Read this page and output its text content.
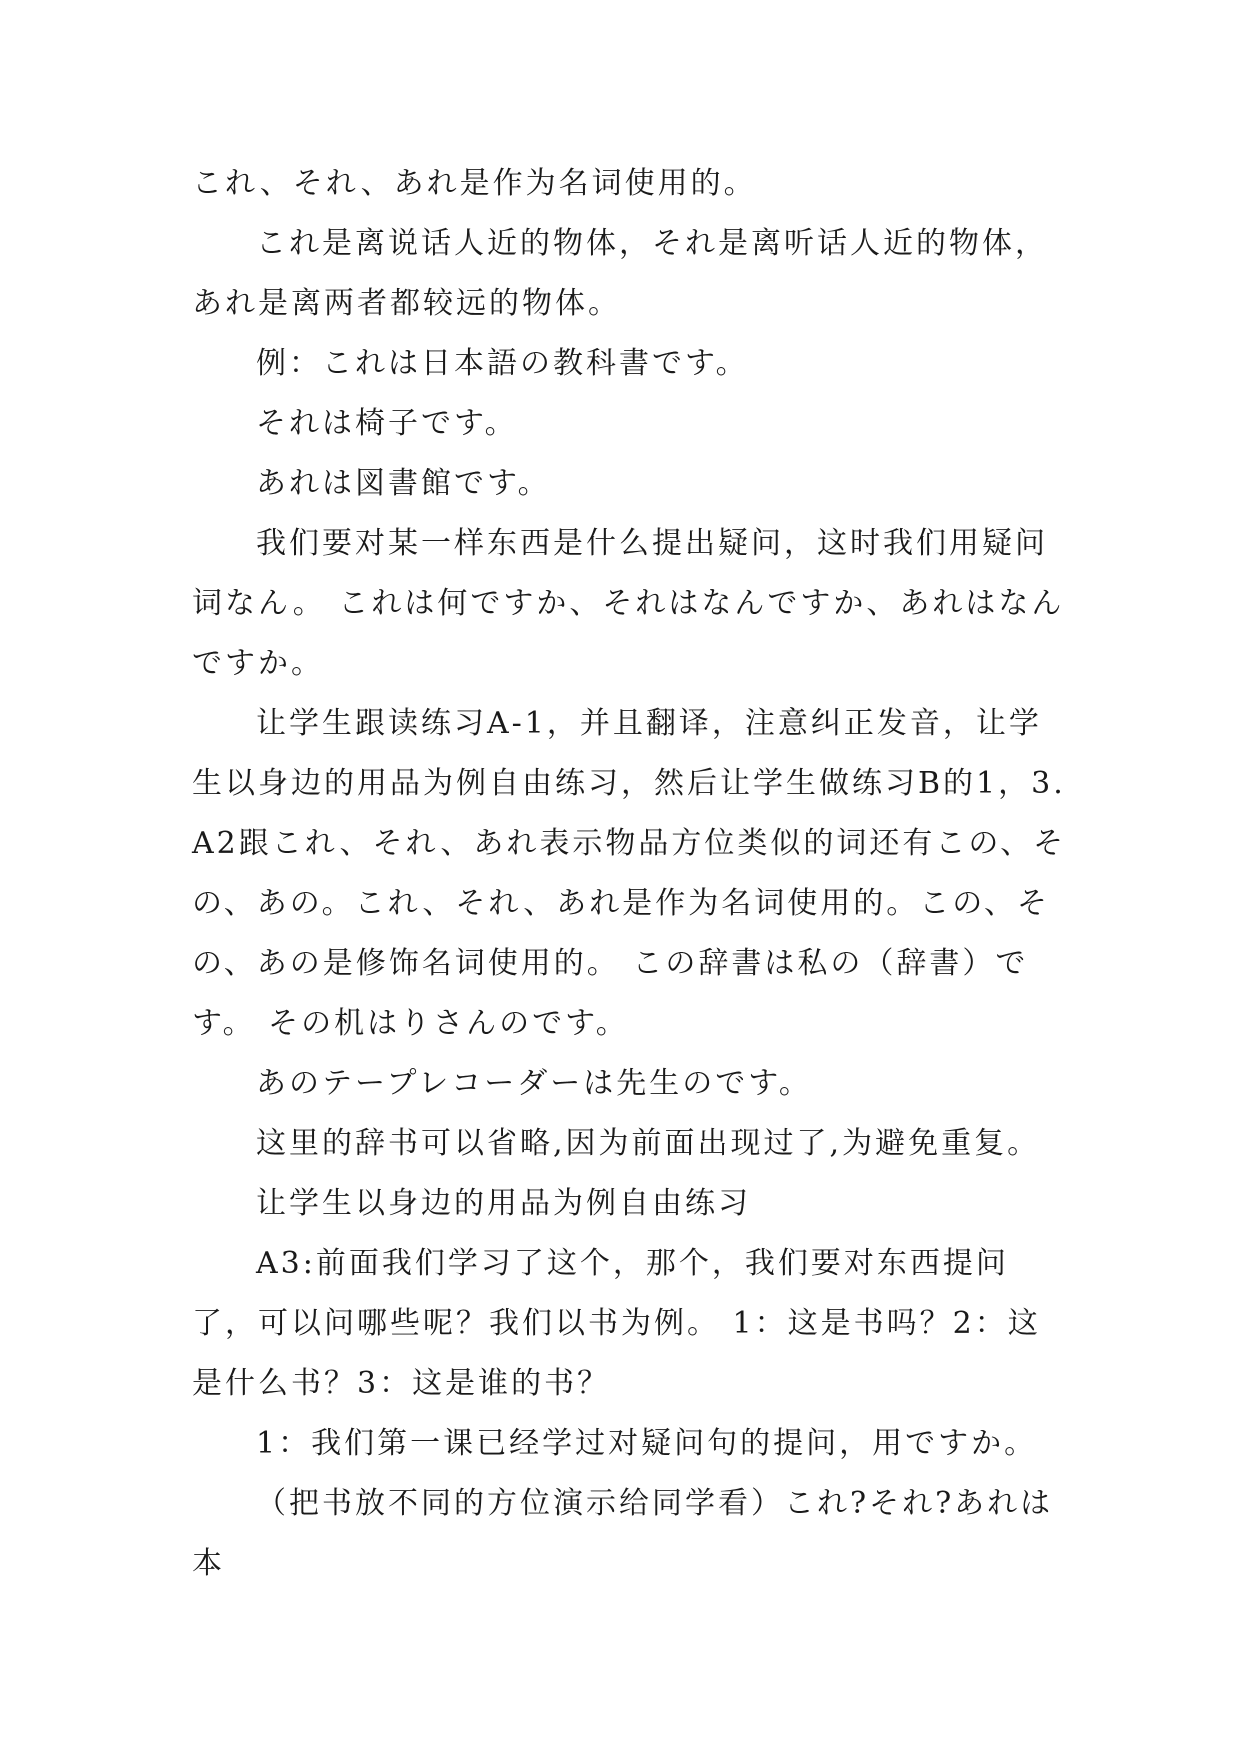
これ、それ、あれ是作为名词使用的。

これ是离说话人近的物体，それ是离听话人近的物体，あれ是离两者都较远的物体。

例：これは日本語の教科書です。

それは椅子です。

あれは図書館です。

我们要对某一样东西是什么提出疑问，这时我们用疑问词なん。 これは何ですか、それはなんですか、あれはなんですか。

让学生跟读练习A-1，并且翻译，注意纠正发音，让学生以身边的用品为例自由练习，然后让学生做练习B的1，3. A2跟これ、それ、あれ表示物品方位类似的词还有この、その、あの。これ、それ、あれ是作为名词使用的。この、その、あの是修饰名词使用的。 この辞書は私の（辞書）です。 その机はりさんのです。

あのテープレコーダーは先生のです。

这里的辞书可以省略,因为前面出现过了,为避免重复。

让学生以身边的用品为例自由练习

A3:前面我们学习了这个，那个，我们要对东西提问了，可以问哪些呢？我们以书为例。 1：这是书吗？2：这是什么书？3：这是谁的书？

1：我们第一课已经学过对疑问句的提问，用ですか。

（把书放不同的方位演示给同学看）これ?それ?あれは本
